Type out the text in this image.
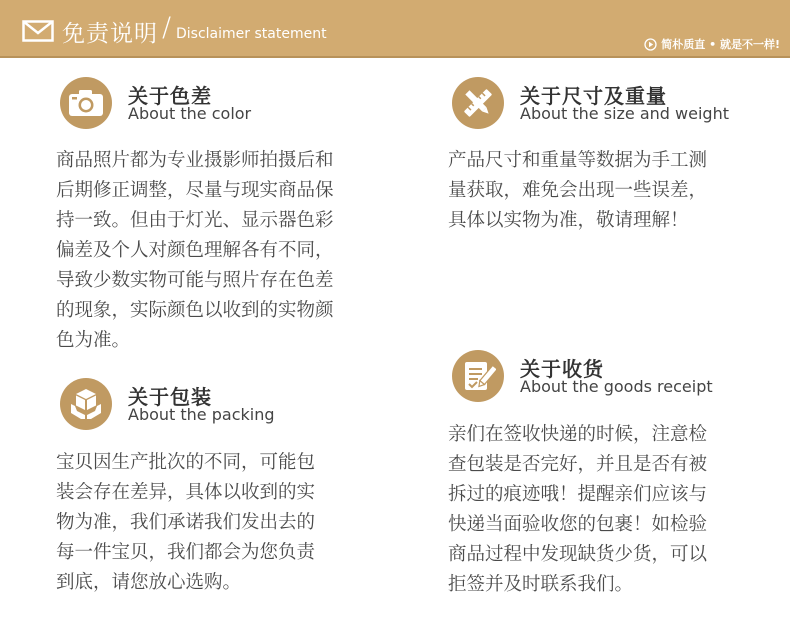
免责说明 / Disclaimer statement
简朴质直 • 就是不一样!
关于色差
About the color
商品照片都为专业摄影师拍摄后和
后期修正调整，尽量与现实商品保
持一致。但由于灯光、显示器色彩
偏差及个人对颜色理解各有不同，
导致少数实物可能与照片存在色差
的现象，实际颜色以收到的实物颜
色为准。
关于尺寸及重量
About the size and weight
产品尺寸和重量等数据为手工测
量获取，难免会出现一些误差，
具体以实物为准，敬请理解！
关于包装
About the packing
宝贝因生产批次的不同，可能包
装会存在差异，具体以收到的实
物为准，我们承诺我们发出去的
每一件宝贝，我们都会为您负责
到底，请您放心选购。
关于收货
About the goods receipt
亲们在签收快递的时候，注意检
查包装是否完好，并且是否有被
拆过的痕迹哦！提醒亲们应该与
快递当面验收您的包裹！如检验
商品过程中发现缺货少货，可以
拒签并及时联系我们。
